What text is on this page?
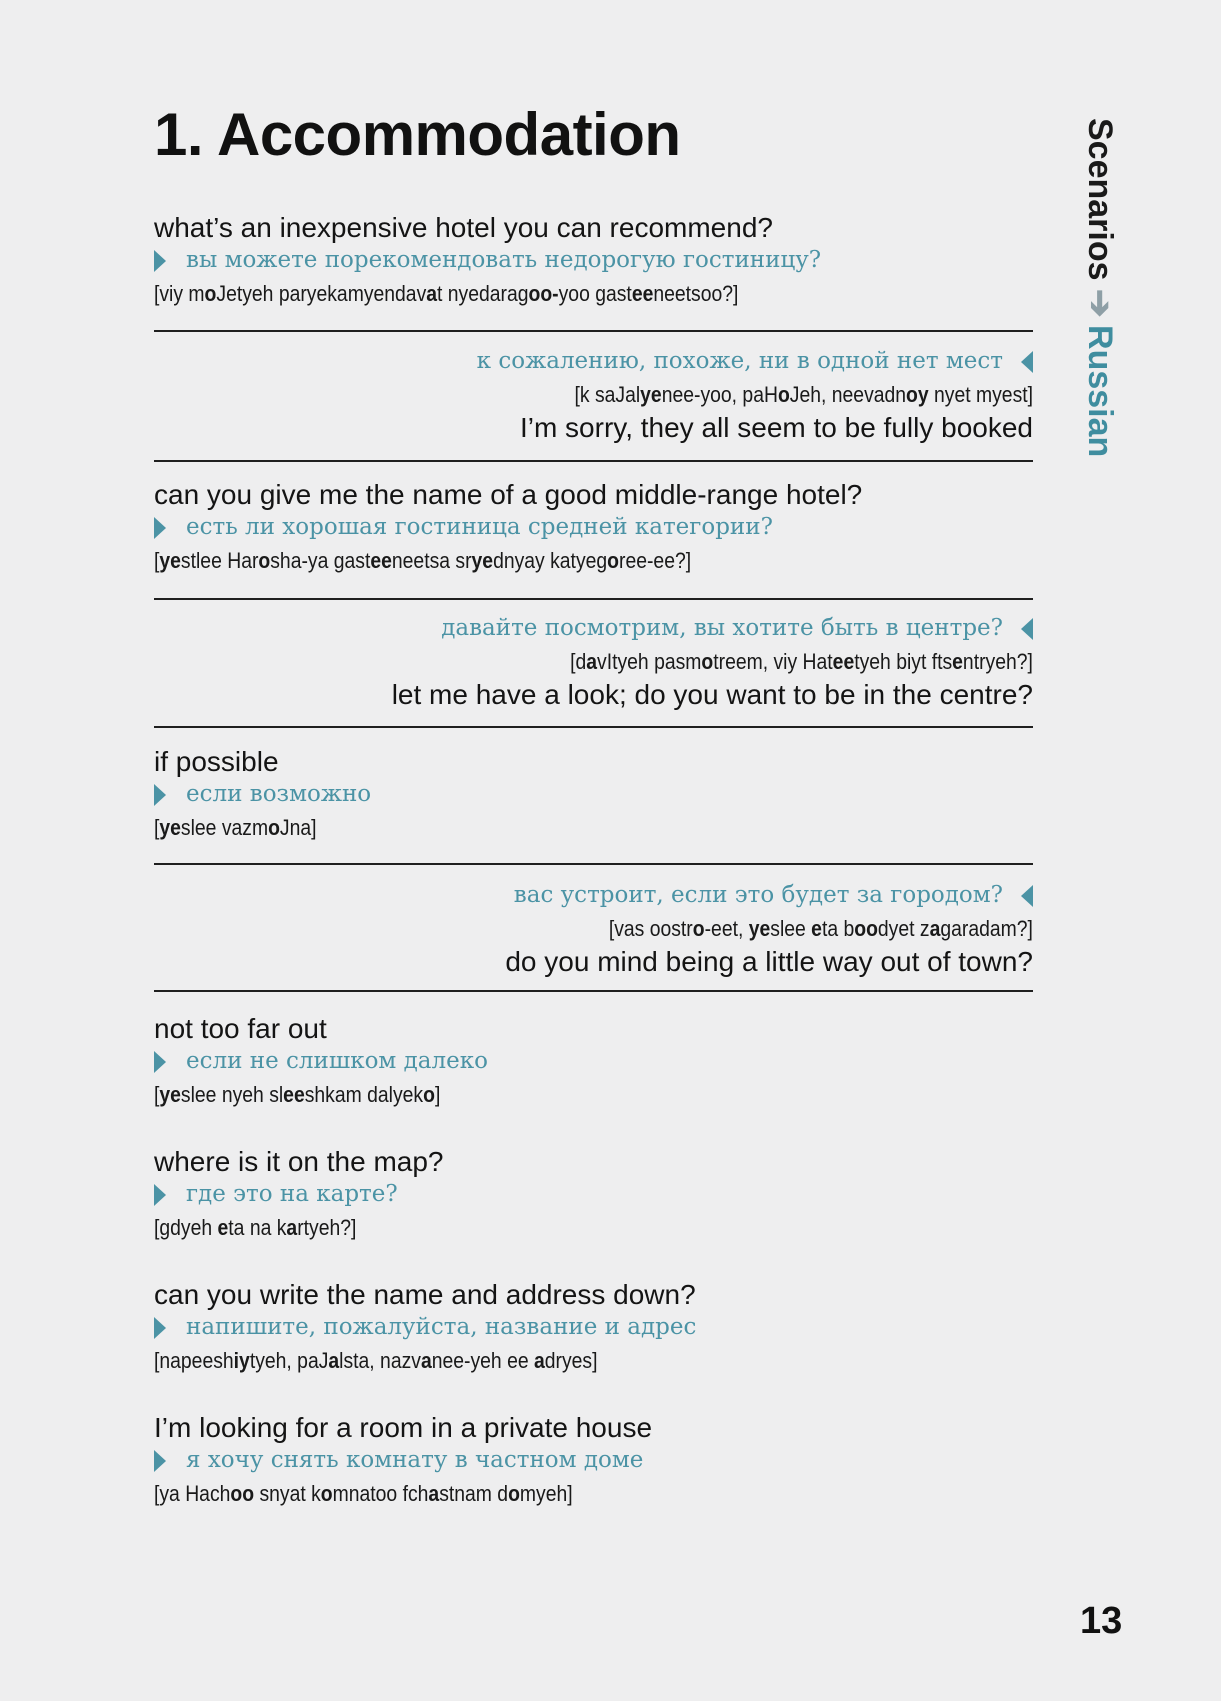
1. Accommodation	Scenarios➔Russian
what’s an inexpensive hotel you can recommend?
вы можете порекомендовать недорогую гостиницу?
[viy moJetyeh paryekamyendavat nyedaragoo-yoo gasteeneetsoo?]
к сожалению, похоже, ни в одной нет мест
[k saJalyenee-yoo, paHoJeh, neevadnoy nyet myest]
I’m sorry, they all seem to be fully booked
can you give me the name of a good middle-range hotel?
есть ли хорошая гостиница средней категории?
[yestlee Harosha-ya gasteeneetsa sryednyay katyegoree-ee?]
давайте посмотрим, вы хотите быть в центре?
[davItyeh pasmotreem, viy Hateetyeh biyt ftsentryeh?]
let me have a look; do you want to be in the centre?
if possible
если возможно
[yeslee vazmoJna]
вас устроит, если это будет за городом?
[vas oostro-eet, yeslee eta boodyet zagaradam?]
do you mind being a little way out of town?
not too far out
если не слишком далеко
[yeslee nyeh sleeshkam dalyeko]
where is it on the map?
где это на карте?
[gdyeh eta na kartyeh?]
can you write the name and address down?
напишите, пожалуйста, название и адрес
[napeeshiytyeh, paJalsta, nazvanee-yeh ee adryes]
I’m looking for a room in a private house
я хочу снять комнату в частном доме
[ya Hachoo snyat komnatoo fchastnam domyeh]
13
